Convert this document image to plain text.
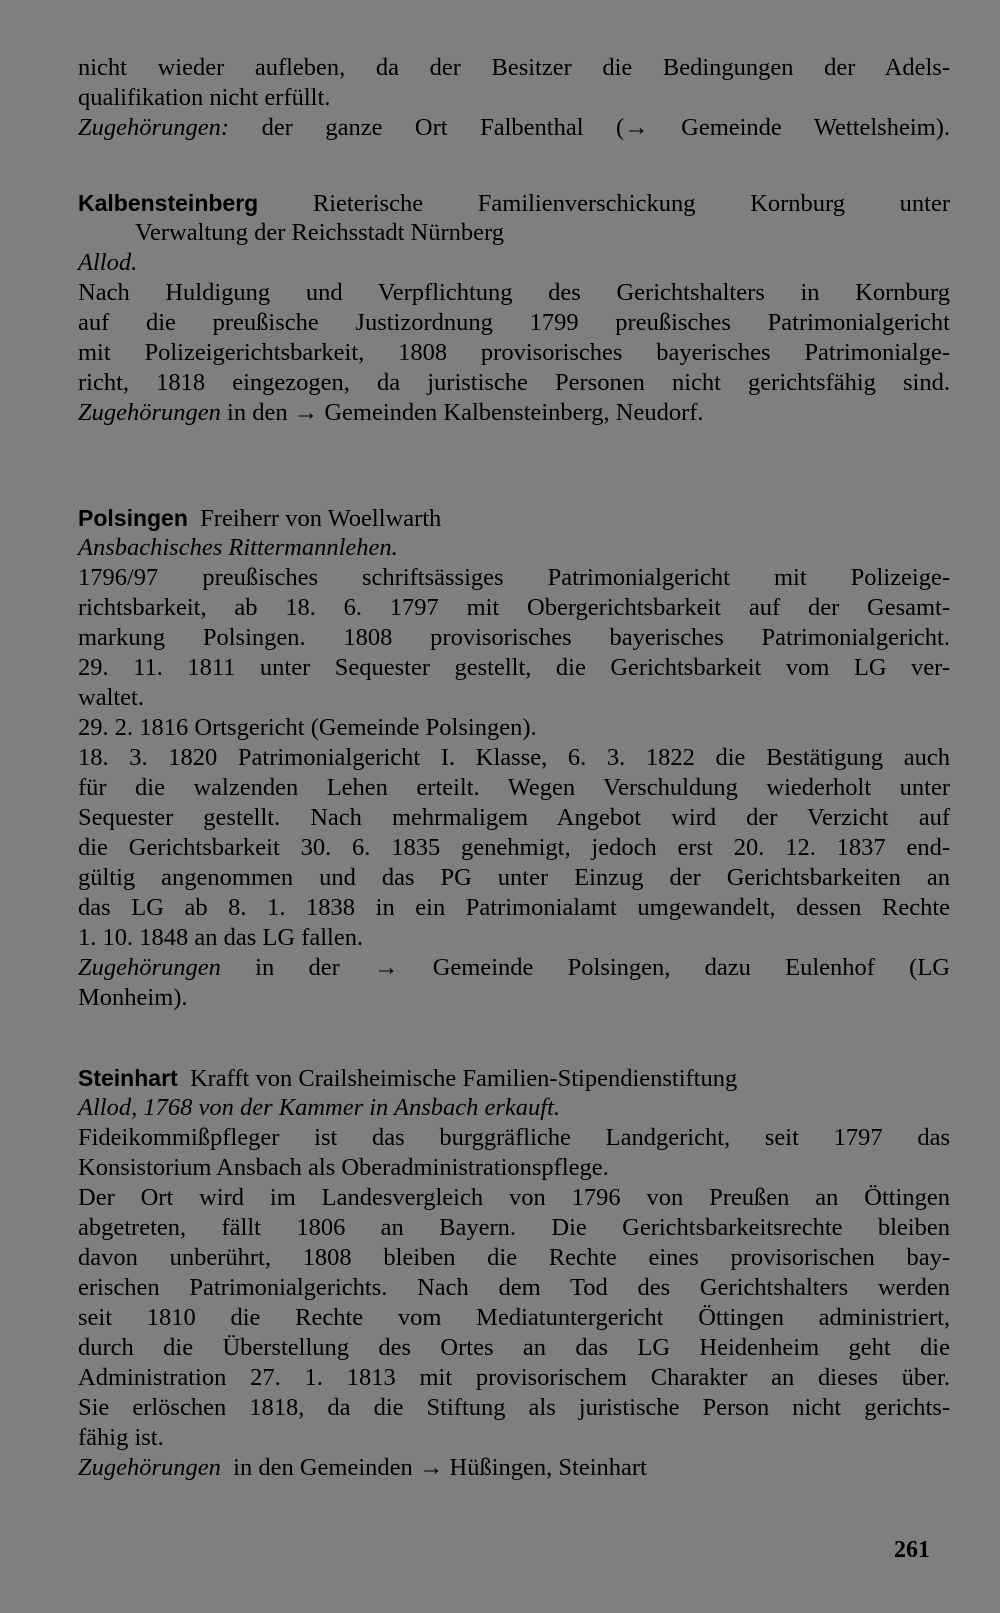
nicht wieder aufleben, da der Besitzer die Bedingungen der Adels-
qualifikation nicht erfüllt.
Zugehörungen: der ganze Ort Falbenthal (→ Gemeinde Wettelsheim).
Kalbensteinberg Rieterische Familienverschickung Kornburg unter
Verwaltung der Reichsstadt Nürnberg
Allod.
Nach Huldigung und Verpflichtung des Gerichtshalters in Kornburg
auf die preußische Justizordnung 1799 preußisches Patrimonialgericht
mit Polizeigerichtsbarkeit, 1808 provisorisches bayerisches Patrimonialge-
richt, 1818 eingezogen, da juristische Personen nicht gerichtsfähig sind.
Zugehörungen in den → Gemeinden Kalbensteinberg, Neudorf.
Polsingen Freiherr von Woellwarth
Ansbachisches Rittermannlehen.
1796/97 preußisches schriftsässiges Patrimonialgericht mit Polizeige-
richtsbarkeit, ab 18. 6. 1797 mit Obergerichtsbarkeit auf der Gesamt-
markung Polsingen. 1808 provisorisches bayerisches Patrimonialgericht.
29. 11. 1811 unter Sequester gestellt, die Gerichtsbarkeit vom LG ver-
waltet.
29. 2. 1816 Ortsgericht (Gemeinde Polsingen).
18. 3. 1820 Patrimonialgericht I. Klasse, 6. 3. 1822 die Bestätigung auch
für die walzenden Lehen erteilt. Wegen Verschuldung wiederholt unter
Sequester gestellt. Nach mehrmaligem Angebot wird der Verzicht auf
die Gerichtsbarkeit 30. 6. 1835 genehmigt, jedoch erst 20. 12. 1837 end-
gültig angenommen und das PG unter Einzug der Gerichtsbarkeiten an
das LG ab 8. 1. 1838 in ein Patrimonialamt umgewandelt, dessen Rechte
1. 10. 1848 an das LG fallen.
Zugehörungen in der → Gemeinde Polsingen, dazu Eulenhof (LG
Monheim).
Steinhart Krafft von Crailsheimische Familien-Stipendienstiftung
Allod, 1768 von der Kammer in Ansbach erkauft.
Fideikommißpfleger ist das burggräfliche Landgericht, seit 1797 das
Konsistorium Ansbach als Oberadministrationspflege.
Der Ort wird im Landesvergleich von 1796 von Preußen an Öttingen
abgetreten, fällt 1806 an Bayern. Die Gerichtsbarkeitsrechte bleiben
davon unberührt, 1808 bleiben die Rechte eines provisorischen bay-
erischen Patrimonialgerichts. Nach dem Tod des Gerichtshalters werden
seit 1810 die Rechte vom Mediatuntergericht Öttingen administriert,
durch die Überstellung des Ortes an das LG Heidenheim geht die
Administration 27. 1. 1813 mit provisorischem Charakter an dieses über.
Sie erlöschen 1818, da die Stiftung als juristische Person nicht gerichts-
fähig ist.
Zugehörungen in den Gemeinden → Hüßingen, Steinhart
261
